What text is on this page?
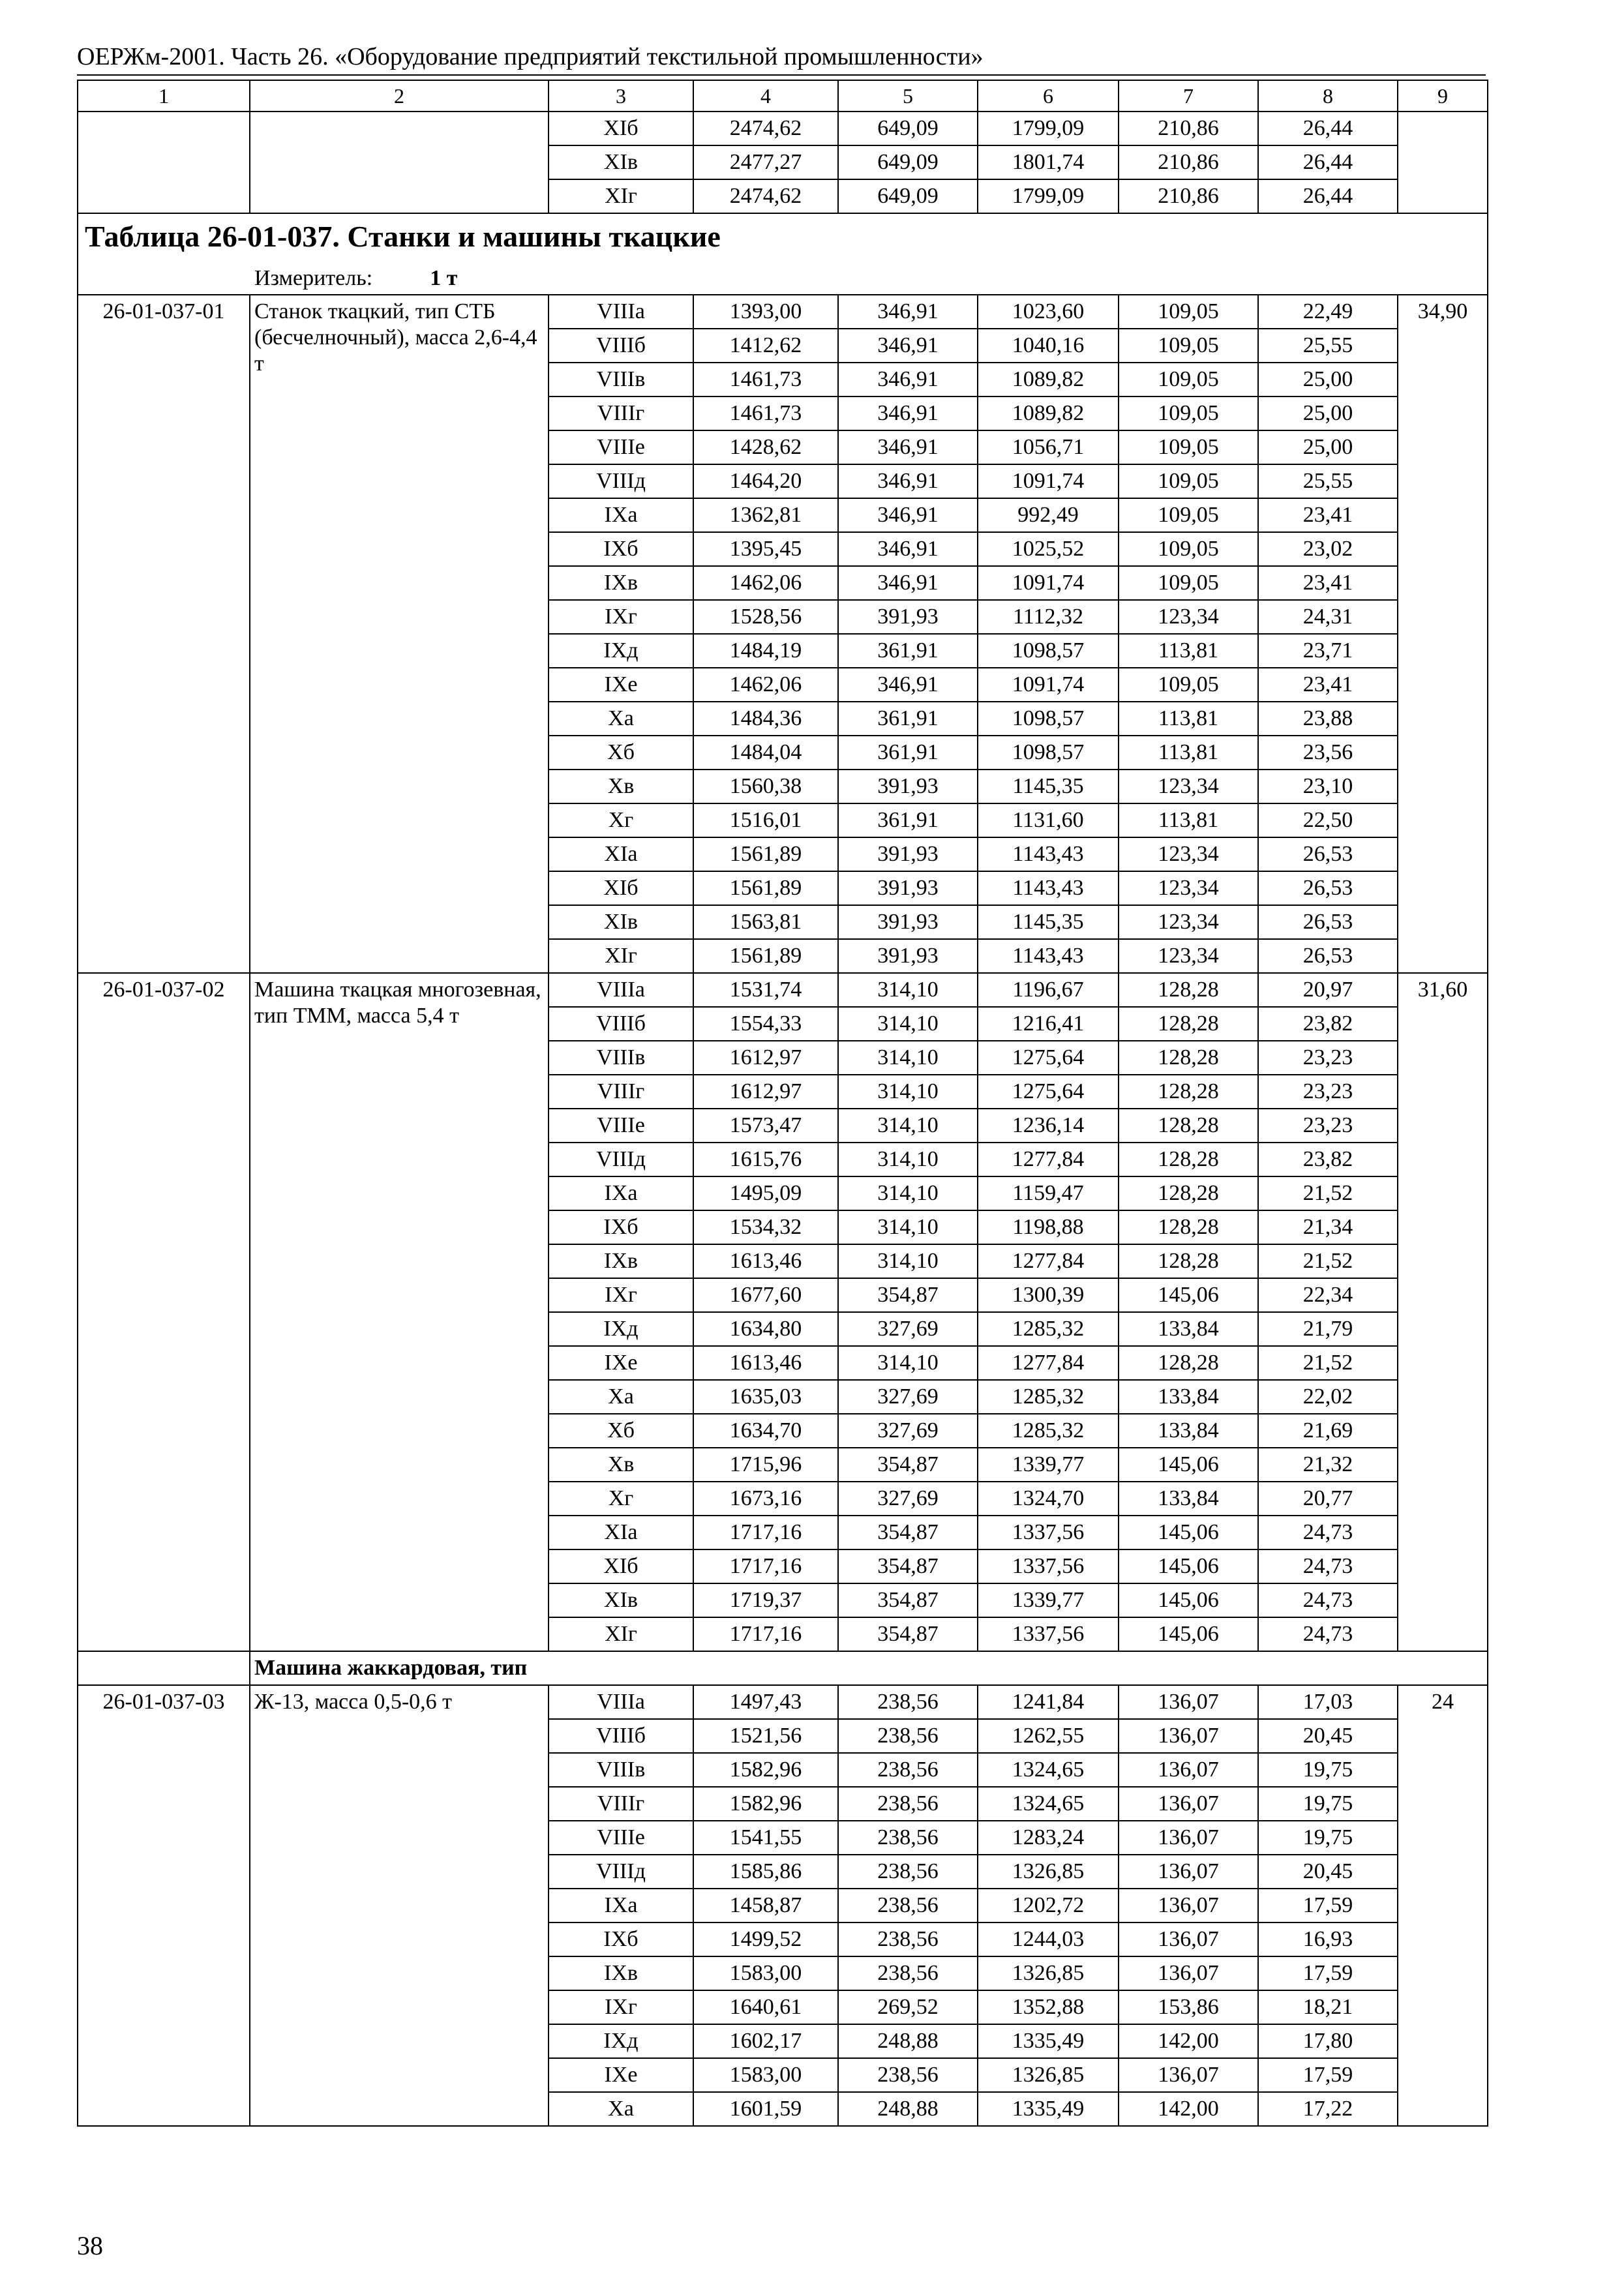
ОЕРЖм-2001. Часть 26. «Оборудование предприятий текстильной промышленности»
1	2	3	4	5	6	7	8	9
		XIб	2474,62	649,09	1799,09	210,86	26,44	
		XIв	2477,27	649,09	1801,74	210,86	26,44	
		XIг	2474,62	649,09	1799,09	210,86	26,44	
Таблица 26-01-037. Станки и машины ткацкие								
Измеритель: 1 т								
26-01-037-01	Станок ткацкий, тип СТБ (бесчелночный), масса 2,6-4,4 т	VIIIа	1393,00	346,91	1023,60	109,05	22,49	34,90
		VIIIб	1412,62	346,91	1040,16	109,05	25,55	
		VIIIв	1461,73	346,91	1089,82	109,05	25,00	
		VIIIг	1461,73	346,91	1089,82	109,05	25,00	
		VIIIе	1428,62	346,91	1056,71	109,05	25,00	
		VIIIд	1464,20	346,91	1091,74	109,05	25,55	
		IXа	1362,81	346,91	992,49	109,05	23,41	
		IXб	1395,45	346,91	1025,52	109,05	23,02	
		IXв	1462,06	346,91	1091,74	109,05	23,41	
		IXг	1528,56	391,93	1112,32	123,34	24,31	
		IXд	1484,19	361,91	1098,57	113,81	23,71	
		IXе	1462,06	346,91	1091,74	109,05	23,41	
		Xа	1484,36	361,91	1098,57	113,81	23,88	
		Xб	1484,04	361,91	1098,57	113,81	23,56	
		Xв	1560,38	391,93	1145,35	123,34	23,10	
		Xг	1516,01	361,91	1131,60	113,81	22,50	
		XIа	1561,89	391,93	1143,43	123,34	26,53	
		XIб	1561,89	391,93	1143,43	123,34	26,53	
		XIв	1563,81	391,93	1145,35	123,34	26,53	
		XIг	1561,89	391,93	1143,43	123,34	26,53	
26-01-037-02	Машина ткацкая многозевная, тип ТММ, масса 5,4 т	VIIIа	1531,74	314,10	1196,67	128,28	20,97	31,60
		VIIIб	1554,33	314,10	1216,41	128,28	23,82	
		VIIIв	1612,97	314,10	1275,64	128,28	23,23	
		VIIIг	1612,97	314,10	1275,64	128,28	23,23	
		VIIIе	1573,47	314,10	1236,14	128,28	23,23	
		VIIIд	1615,76	314,10	1277,84	128,28	23,82	
		IXа	1495,09	314,10	1159,47	128,28	21,52	
		IXб	1534,32	314,10	1198,88	128,28	21,34	
		IXв	1613,46	314,10	1277,84	128,28	21,52	
		IXг	1677,60	354,87	1300,39	145,06	22,34	
		IXд	1634,80	327,69	1285,32	133,84	21,79	
		IXе	1613,46	314,10	1277,84	128,28	21,52	
		Xа	1635,03	327,69	1285,32	133,84	22,02	
		Xб	1634,70	327,69	1285,32	133,84	21,69	
		Xв	1715,96	354,87	1339,77	145,06	21,32	
		Xг	1673,16	327,69	1324,70	133,84	20,77	
		XIа	1717,16	354,87	1337,56	145,06	24,73	
		XIб	1717,16	354,87	1337,56	145,06	24,73	
		XIв	1719,37	354,87	1339,77	145,06	24,73	
		XIг	1717,16	354,87	1337,56	145,06	24,73	
	Машина жаккардовая, тип							
26-01-037-03	Ж-13, масса 0,5-0,6 т	VIIIа	1497,43	238,56	1241,84	136,07	17,03	24
		VIIIб	1521,56	238,56	1262,55	136,07	20,45	
		VIIIв	1582,96	238,56	1324,65	136,07	19,75	
		VIIIг	1582,96	238,56	1324,65	136,07	19,75	
		VIIIе	1541,55	238,56	1283,24	136,07	19,75	
		VIIIд	1585,86	238,56	1326,85	136,07	20,45	
		IXа	1458,87	238,56	1202,72	136,07	17,59	
		IXб	1499,52	238,56	1244,03	136,07	16,93	
		IXв	1583,00	238,56	1326,85	136,07	17,59	
		IXг	1640,61	269,52	1352,88	153,86	18,21	
		IXд	1602,17	248,88	1335,49	142,00	17,80	
		IXе	1583,00	238,56	1326,85	136,07	17,59	
		Xа	1601,59	248,88	1335,49	142,00	17,22	
38
